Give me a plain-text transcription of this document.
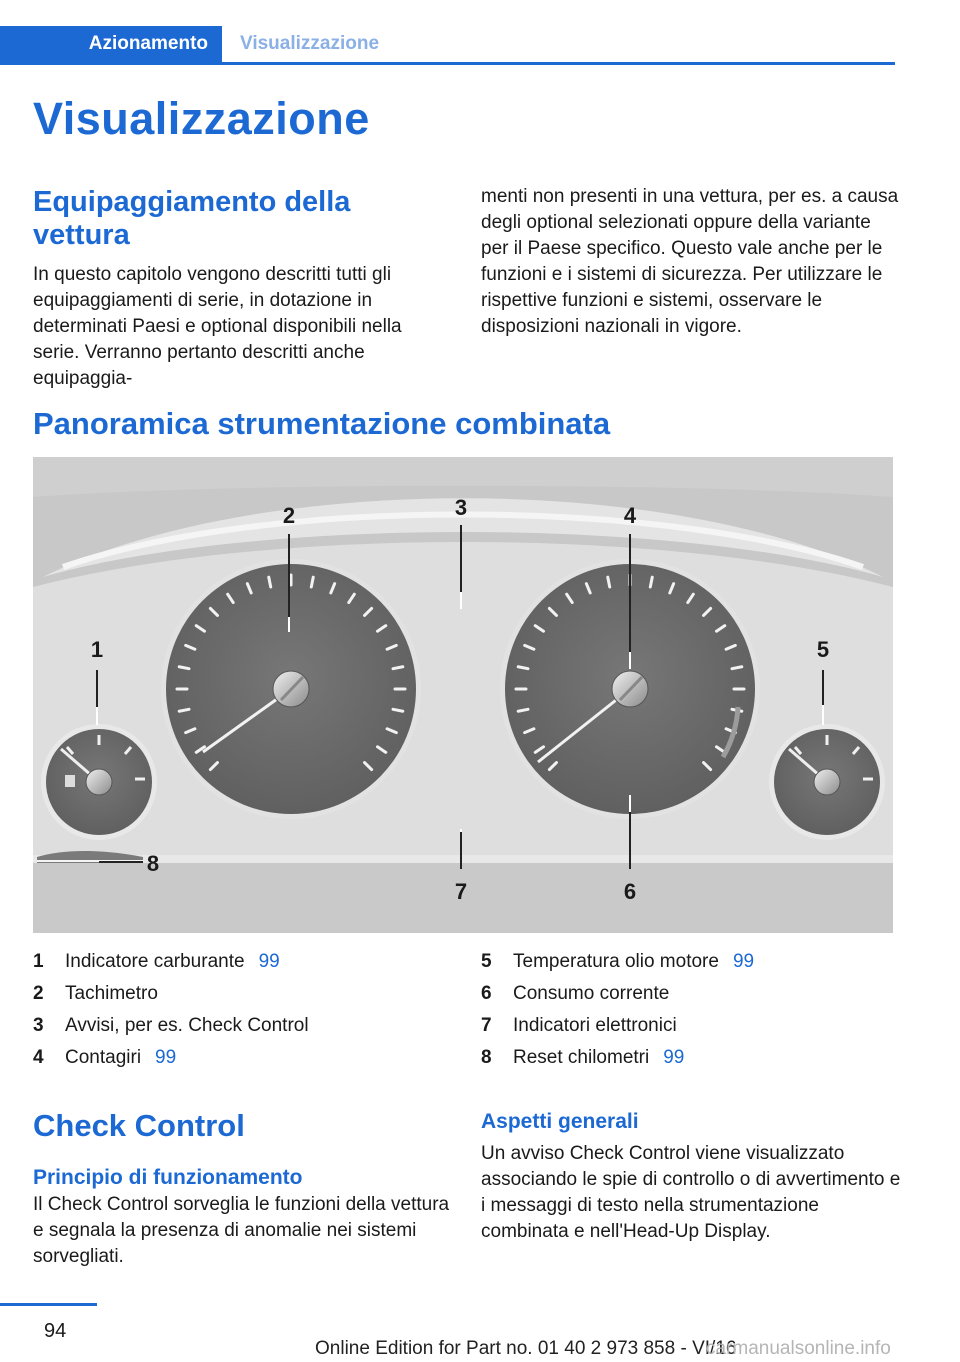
Azionamento Visualizzazione
Visualizzazione
Equipaggiamento della vettura

In questo capitolo vengono descritti tutti gli equipaggiamenti di serie, in dotazione in determinati Paesi e optional disponibili nella serie. Verranno pertanto descritti anche equipaggia-

menti non presenti in una vettura, per es. a causa degli optional selezionati oppure della variante per il Paese specifico. Questo vale anche per le funzioni e i sistemi di sicurezza. Per utilizzare le rispettive funzioni e sistemi, osservare le disposizioni nazionali in vigore.

Panoramica strumentazione combinata
1
2	3	4
5
6
7
8
1 Indicatore carburante 99
2 Tachimetro
3 Avvisi, per es. Check Control
4 Contagiri 99
5 Temperatura olio motore 99
6 Consumo corrente
7 Indicatori elettronici
8 Reset chilometri 99
Check Control
Principio di funzionamento

Il Check Control sorveglia le funzioni della vettura e segnala la presenza di anomalie nei sistemi sorvegliati.

Aspetti generali

Un avviso Check Control viene visualizzato associando le spie di controllo o di avvertimento e i messaggi di testo nella strumentazione combinata e nell'Head-Up Display.

94
Online Edition for Part no. 01 40 2 973 858 - VI/16
carmanualsonline.info
